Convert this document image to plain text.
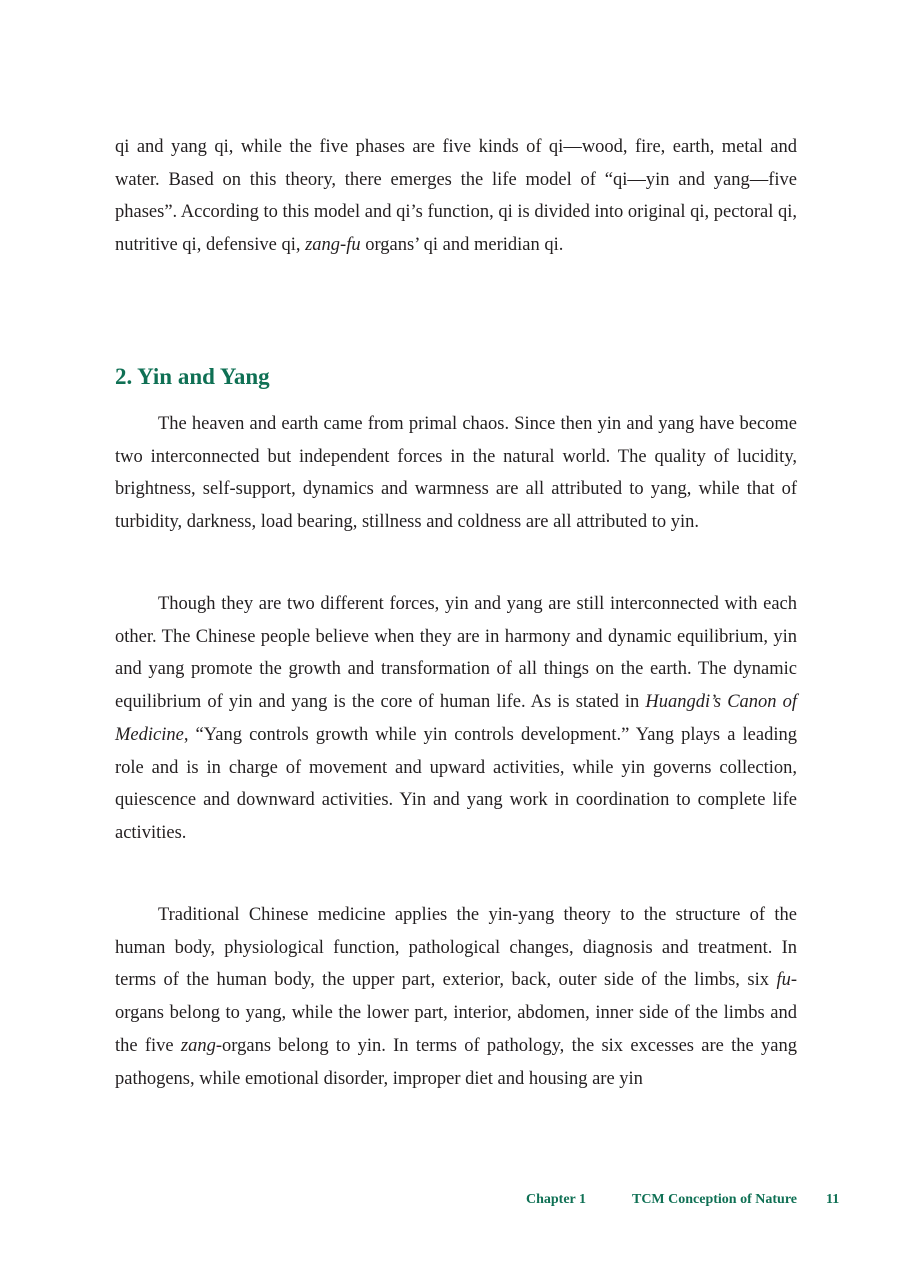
qi and yang qi, while the five phases are five kinds of qi—wood, fire, earth, metal and water. Based on this theory, there emerges the life model of “qi—yin and yang—five phases”. According to this model and qi’s function, qi is divided into original qi, pectoral qi, nutritive qi, defensive qi, zang-fu organs’ qi and meridian qi.

2. Yin and Yang

The heaven and earth came from primal chaos. Since then yin and yang have become two interconnected but independent forces in the natural world. The quality of lucidity, brightness, self-support, dynamics and warmness are all attributed to yang, while that of turbidity, darkness, load bearing, stillness and coldness are all attributed to yin.

Though they are two different forces, yin and yang are still interconnected with each other. The Chinese people believe when they are in harmony and dynamic equilibrium, yin and yang promote the growth and transformation of all things on the earth. The dynamic equilibrium of yin and yang is the core of human life. As is stated in Huangdi’s Canon of Medicine, “Yang controls growth while yin controls development.” Yang plays a leading role and is in charge of movement and upward activities, while yin governs collection, quiescence and downward activities. Yin and yang work in coordination to complete life activities.

Traditional Chinese medicine applies the yin-yang theory to the structure of the human body, physiological function, pathological changes, diagnosis and treatment. In terms of the human body, the upper part, exterior, back, outer side of the limbs, six fu-organs belong to yang, while the lower part, interior, abdomen, inner side of the limbs and the five zang-organs belong to yin. In terms of pathology, the six excesses are the yang pathogens, while emotional disorder, improper diet and housing are yin

Chapter 1	TCM Conception of Nature 11
